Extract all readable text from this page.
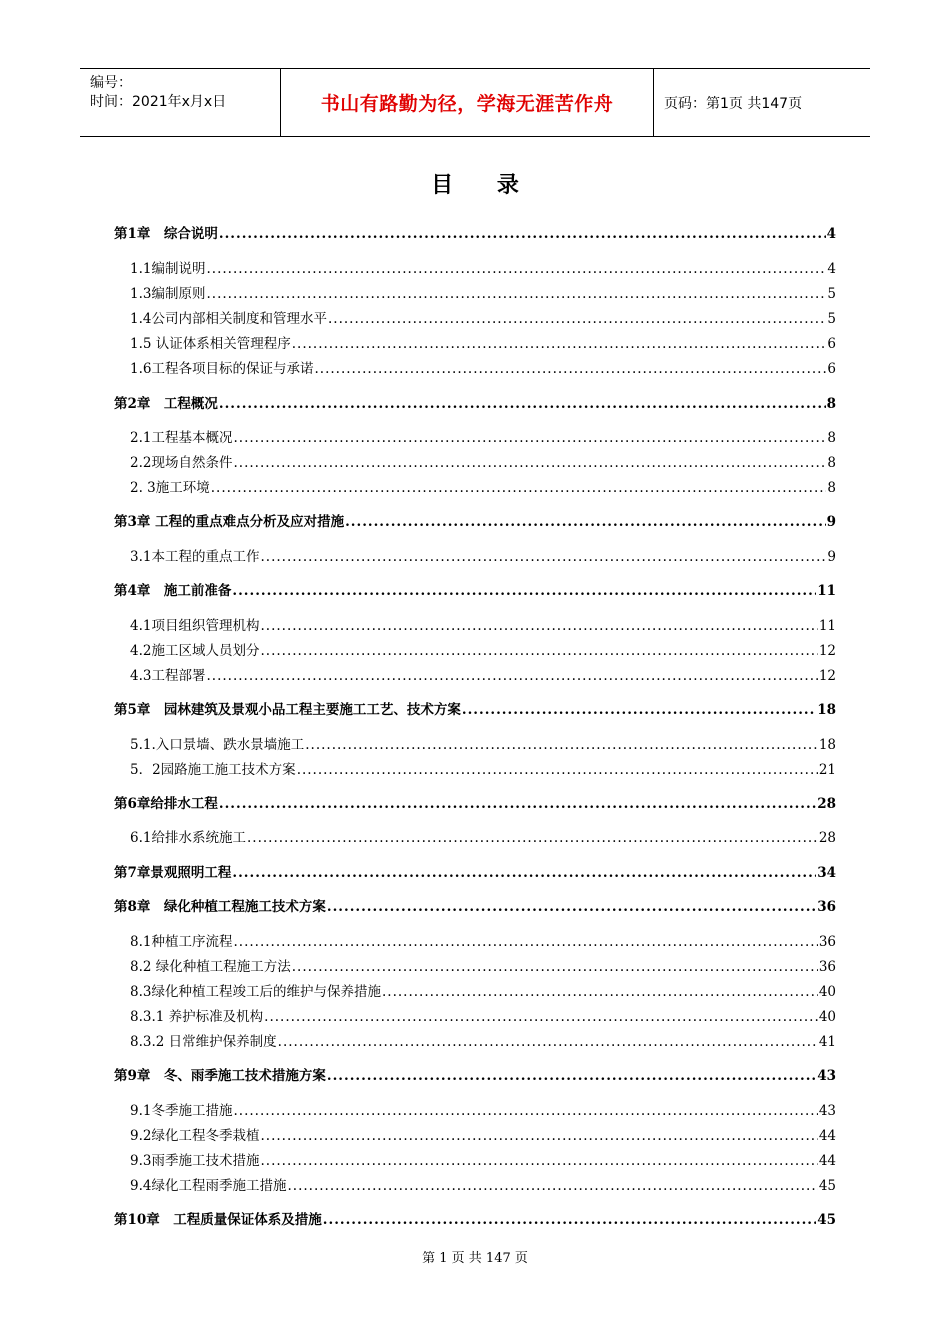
编号：
时间：2021年x月x日	书山有路勤为径，学海无涯苦作舟	页码：第1页 共147页
目 录
第1章　综合说明 .....	4
1.1编制说明 .....	4
1.3编制原则 .....	5
1.4公司内部相关制度和管理水平 .....	5
1.5 认证体系相关管理程序 .....	6
1.6工程各项目标的保证与承诺 .....	6
第2章　工程概况 .....	8
2.1工程基本概况 .....	8
2.2现场自然条件 .....	8
2. 3施工环境 .....	8
第3章 工程的重点难点分析及应对措施 .....	9
3.1本工程的重点工作 .....	9
第4章　施工前准备 .....	11
4.1项目组织管理机构 .....	11
4.2施工区域人员划分 .....	12
4.3工程部署 .....	12
第5章　园林建筑及景观小品工程主要施工工艺、技术方案 .....	18
5.1.入口景墙、跌水景墙施工 .....	18
5．2园路施工施工技术方案 .....	21
第6章给排水工程 .....	28
6.1给排水系统施工 .....	28
第7章景观照明工程 .....	34
第8章　绿化种植工程施工技术方案 .....	36
8.1种植工序流程 .....	36
8.2 绿化种植工程施工方法 .....	36
8.3绿化种植工程竣工后的维护与保养措施 .....	40
8.3.1 养护标准及机构 .....	40
8.3.2 日常维护保养制度 .....	41
第9章　冬、雨季施工技术措施方案 .....	43
9.1冬季施工措施 .....	43
9.2绿化工程冬季栽植 .....	44
9.3雨季施工技术措施 .....	44
9.4绿化工程雨季施工措施 .....	45
第10章　工程质量保证体系及措施 .....	45
第 1 页 共 147 页
